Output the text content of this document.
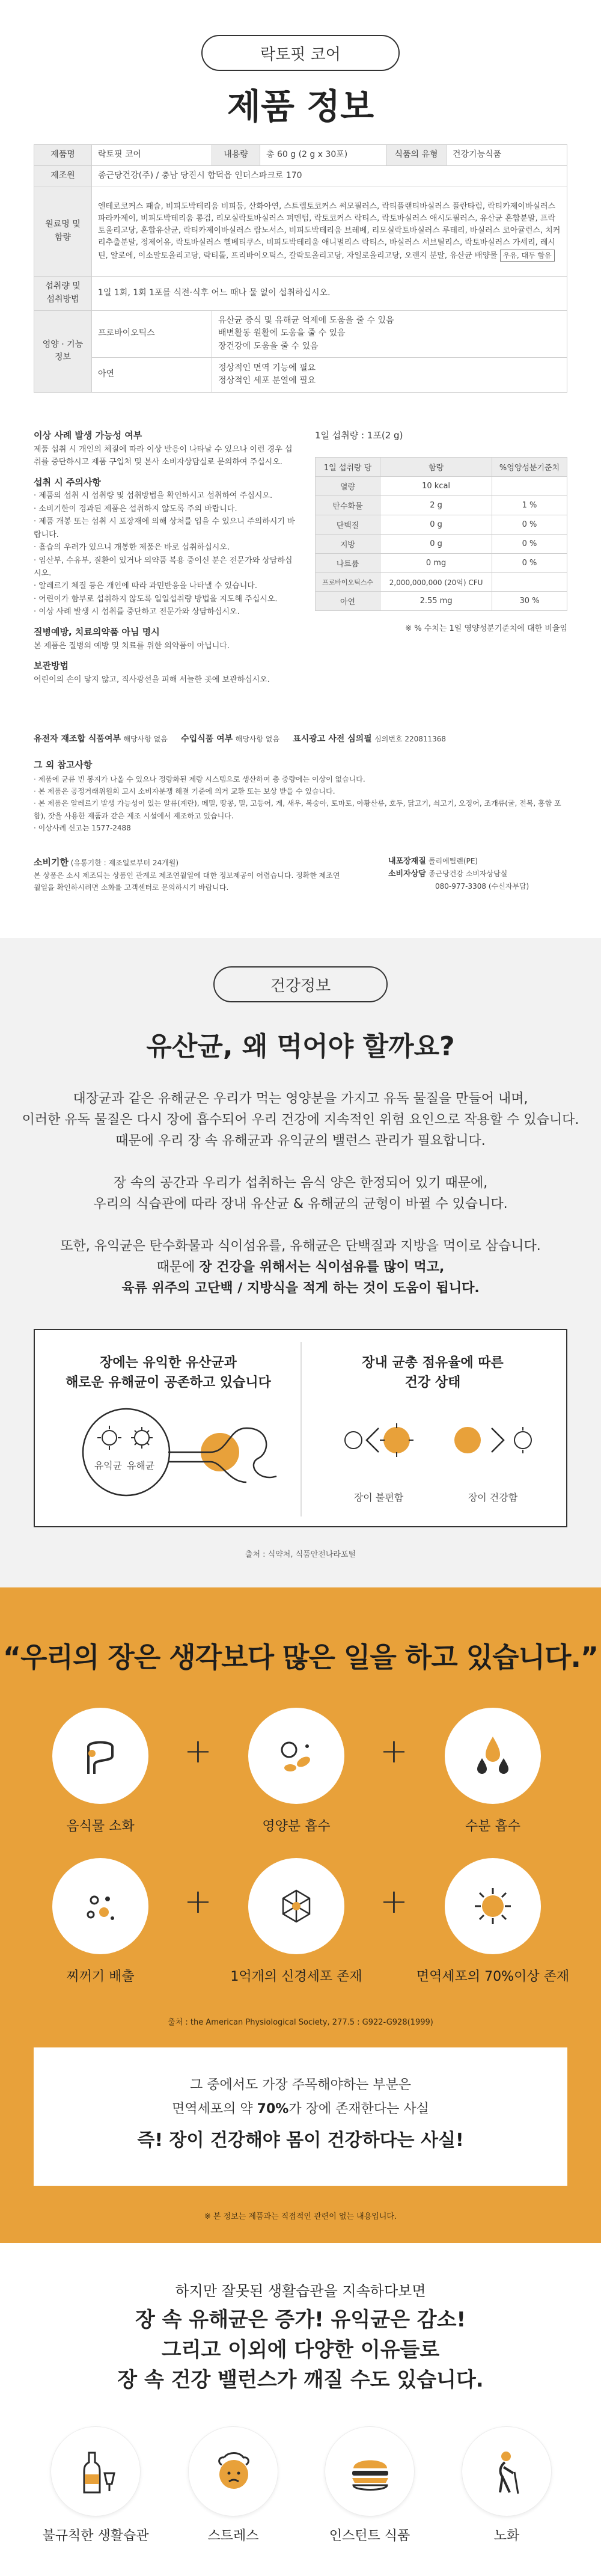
락토핏 코어
제품 정보
제품명	락토핏 코어	내용량	총 60 g (2 g x 30포)	식품의 유형	건강기능식품
제조원	종근당건강(주) / 충남 당진시 합덕읍 인더스파크로 170				
원료명 및 함량	엔테로코커스 패슘, 비피도박테리움 비피둠, 산화아연, 스트렙토코커스 써모필러스, 락티플랜티바실러스 플란타럼, 락티카제이바실러스 파라카제이, 비피도박테리움 롱검, 리모실락토바실러스 퍼멘텀, 락토코커스 락티스, 락토바실러스 애시도필러스, 유산균 혼합분말, 프락토올리고당, 혼합유산균, 락티카제이바실러스 람노서스, 비피도박테리움 브레베, 리모실락토바실러스 루테리, 바실러스 코아귤런스, 치커리추출분말, 정제어유, 락토바실러스 헬베티쿠스, 비피도박테리움 애니멀리스 락티스, 바실러스 서브틸리스, 락토바실러스 가세리, 레시틴, 알로에, 이소말토올리고당, 락티톨, 프리바이오틱스, 갈락토올리고당, 자일로올리고당, 오렌지 분말, 유산균 배양물 우유, 대두 함유				
섭취량 및 섭취방법	1일 1회, 1회 1포를 식전·식후 어느 때나 물 없이 섭취하십시오.				
영양 · 기능정보	프로바이오틱스	유산균 증식 및 유해균 억제에 도움을 줄 수 있음
배변활동 원활에 도움을 줄 수 있음
장건강에 도움을 줄 수 있음			

	아연	정상적인 면역 기능에 필요
정상적인 세포 분열에 필요			
이상 사례 발생 가능성 여부
제품 섭취 시 개인의 체질에 따라 이상 반응이 나타날 수 있으나 이런 경우 섭취를 중단하시고 제품 구입처 및 본사 소비자상담실로 문의하여 주십시오.
섭취 시 주의사항
· 제품의 섭취 시 섭취량 및 섭취방법을 확인하시고 섭취하여 주십시오.
· 소비기한이 경과된 제품은 섭취하지 않도록 주의 바랍니다.
· 제품 개봉 또는 섭취 시 포장재에 의해 상처를 입을 수 있으니 주의하시기 바랍니다.
· 흡습의 우려가 있으니 개봉한 제품은 바로 섭취하십시오.
· 임산부, 수유부, 질환이 있거나 의약품 복용 중이신 분은 전문가와 상담하십시오.
· 알레르기 체질 등은 개인에 따라 과민반응을 나타낼 수 있습니다.
· 어린이가 함부로 섭취하지 않도록 일일섭취량 방법을 지도해 주십시오.
· 이상 사례 발생 시 섭취를 중단하고 전문가와 상담하십시오.
질병예방, 치료의약품 아님 명시
본 제품은 질병의 예방 및 치료를 위한 의약품이 아닙니다.
보관방법
어린이의 손이 닿지 않고, 직사광선을 피해 서늘한 곳에 보관하십시오.
1일 섭취량 : 1포(2 g)
1일 섭취량 당	함량	%영양성분기준치
열량	10 kcal	
탄수화물	2 g	1 %
단백질	0 g	0 %
지방	0 g	0 %
나트륨	0 mg	0 %
프로바이오틱스수	2,000,000,000 (20억) CFU	
아연	2.55 mg	30 %
※ % 수치는 1일 영양성분기준치에 대한 비율임
유전자 재조합 식품여부 해당사항 없음 수입식품 여부 해당사항 없음 표시광고 사전 심의필 심의번호 220811368
그 외 참고사항
· 제품에 균류 빈 봉지가 나올 수 있으나 정량화된 제량 시스템으로 생산하여 총 중량에는 이상이 없습니다.
· 본 제품은 공정거래위원회 고시 소비자분쟁 해결 기준에 의거 교환 또는 보상 받을 수 있습니다.
· 본 제품은 알레르기 발생 가능성이 있는 알류(계란), 메밀, 땅콩, 밀, 고등어, 게, 새우, 복숭아, 토마토, 아황산류, 호두, 닭고기, 쇠고기, 오징어, 조개류(굴, 전복, 홍합 포함), 잣을 사용한 제품과 같은 제조 시설에서 제조하고 있습니다.
· 이상사례 신고는 1577-2488
소비기한 (유통기한 : 제조일로부터 24개월)
본 상품은 소시 제조되는 상품인 관계로 제조연월일에 대한 정보제공이 어렵습니다. 정확한 제조연월일을 확인하시려면 소화를 고객센터로 문의하시기 바랍니다.
내포장재질 폴리에틸렌(PE)
소비자상담 종근당건강 소비자상담실
080-977-3308 (수신자부담)
건강정보
유산균, 왜 먹어야 할까요?
대장균과 같은 유해균은 우리가 먹는 영양분을 가지고 유독 물질을 만들어 내며,
이러한 유독 물질은 다시 장에 흡수되어 우리 건강에 지속적인 위험 요인으로 작용할 수 있습니다.
때문에 우리 장 속 유해균과 유익균의 밸런스 관리가 필요합니다.
장 속의 공간과 우리가 섭취하는 음식 양은 한정되어 있기 때문에,
우리의 식습관에 따라 장내 유산균 & 유해균의 균형이 바뀔 수 있습니다.
또한, 유익균은 탄수화물과 식이섬유를, 유해균은 단백질과 지방을 먹이로 삼습니다.
때문에 장 건강을 위해서는 식이섬유를 많이 먹고,
육류 위주의 고단백 / 지방식을 적게 하는 것이 도움이 됩니다.
장에는 유익한 유산균과
해로운 유해균이 공존하고 있습니다
장내 균총 점유율에 따른
건강 상태
유익균 유해균
장이 불편함	장이 건강함
출처 : 식약처, 식품안전나라포털
“우리의 장은 생각보다 많은 일을 하고 있습니다.”
+	+
음식물 소화	영양분 흡수	수분 흡수
+	+
찌꺼기 배출	1억개의 신경세포 존재	면역세포의 70%이상 존재
출처 : the American Physiological Society, 277.5 : G922-G928(1999)
그 중에서도 가장 주목해야하는 부분은
면역세포의 약 70%가 장에 존재한다는 사실
즉! 장이 건강해야 몸이 건강하다는 사실!
※ 본 정보는 제품과는 직접적인 관련이 없는 내용입니다.
하지만 잘못된 생활습관을 지속하다보면
장 속 유해균은 증가! 유익균은 감소!
그리고 이외에 다양한 이유들로
장 속 건강 밸런스가 깨질 수도 있습니다.
불규칙한 생활습관	스트레스	인스턴트 식품	노화
